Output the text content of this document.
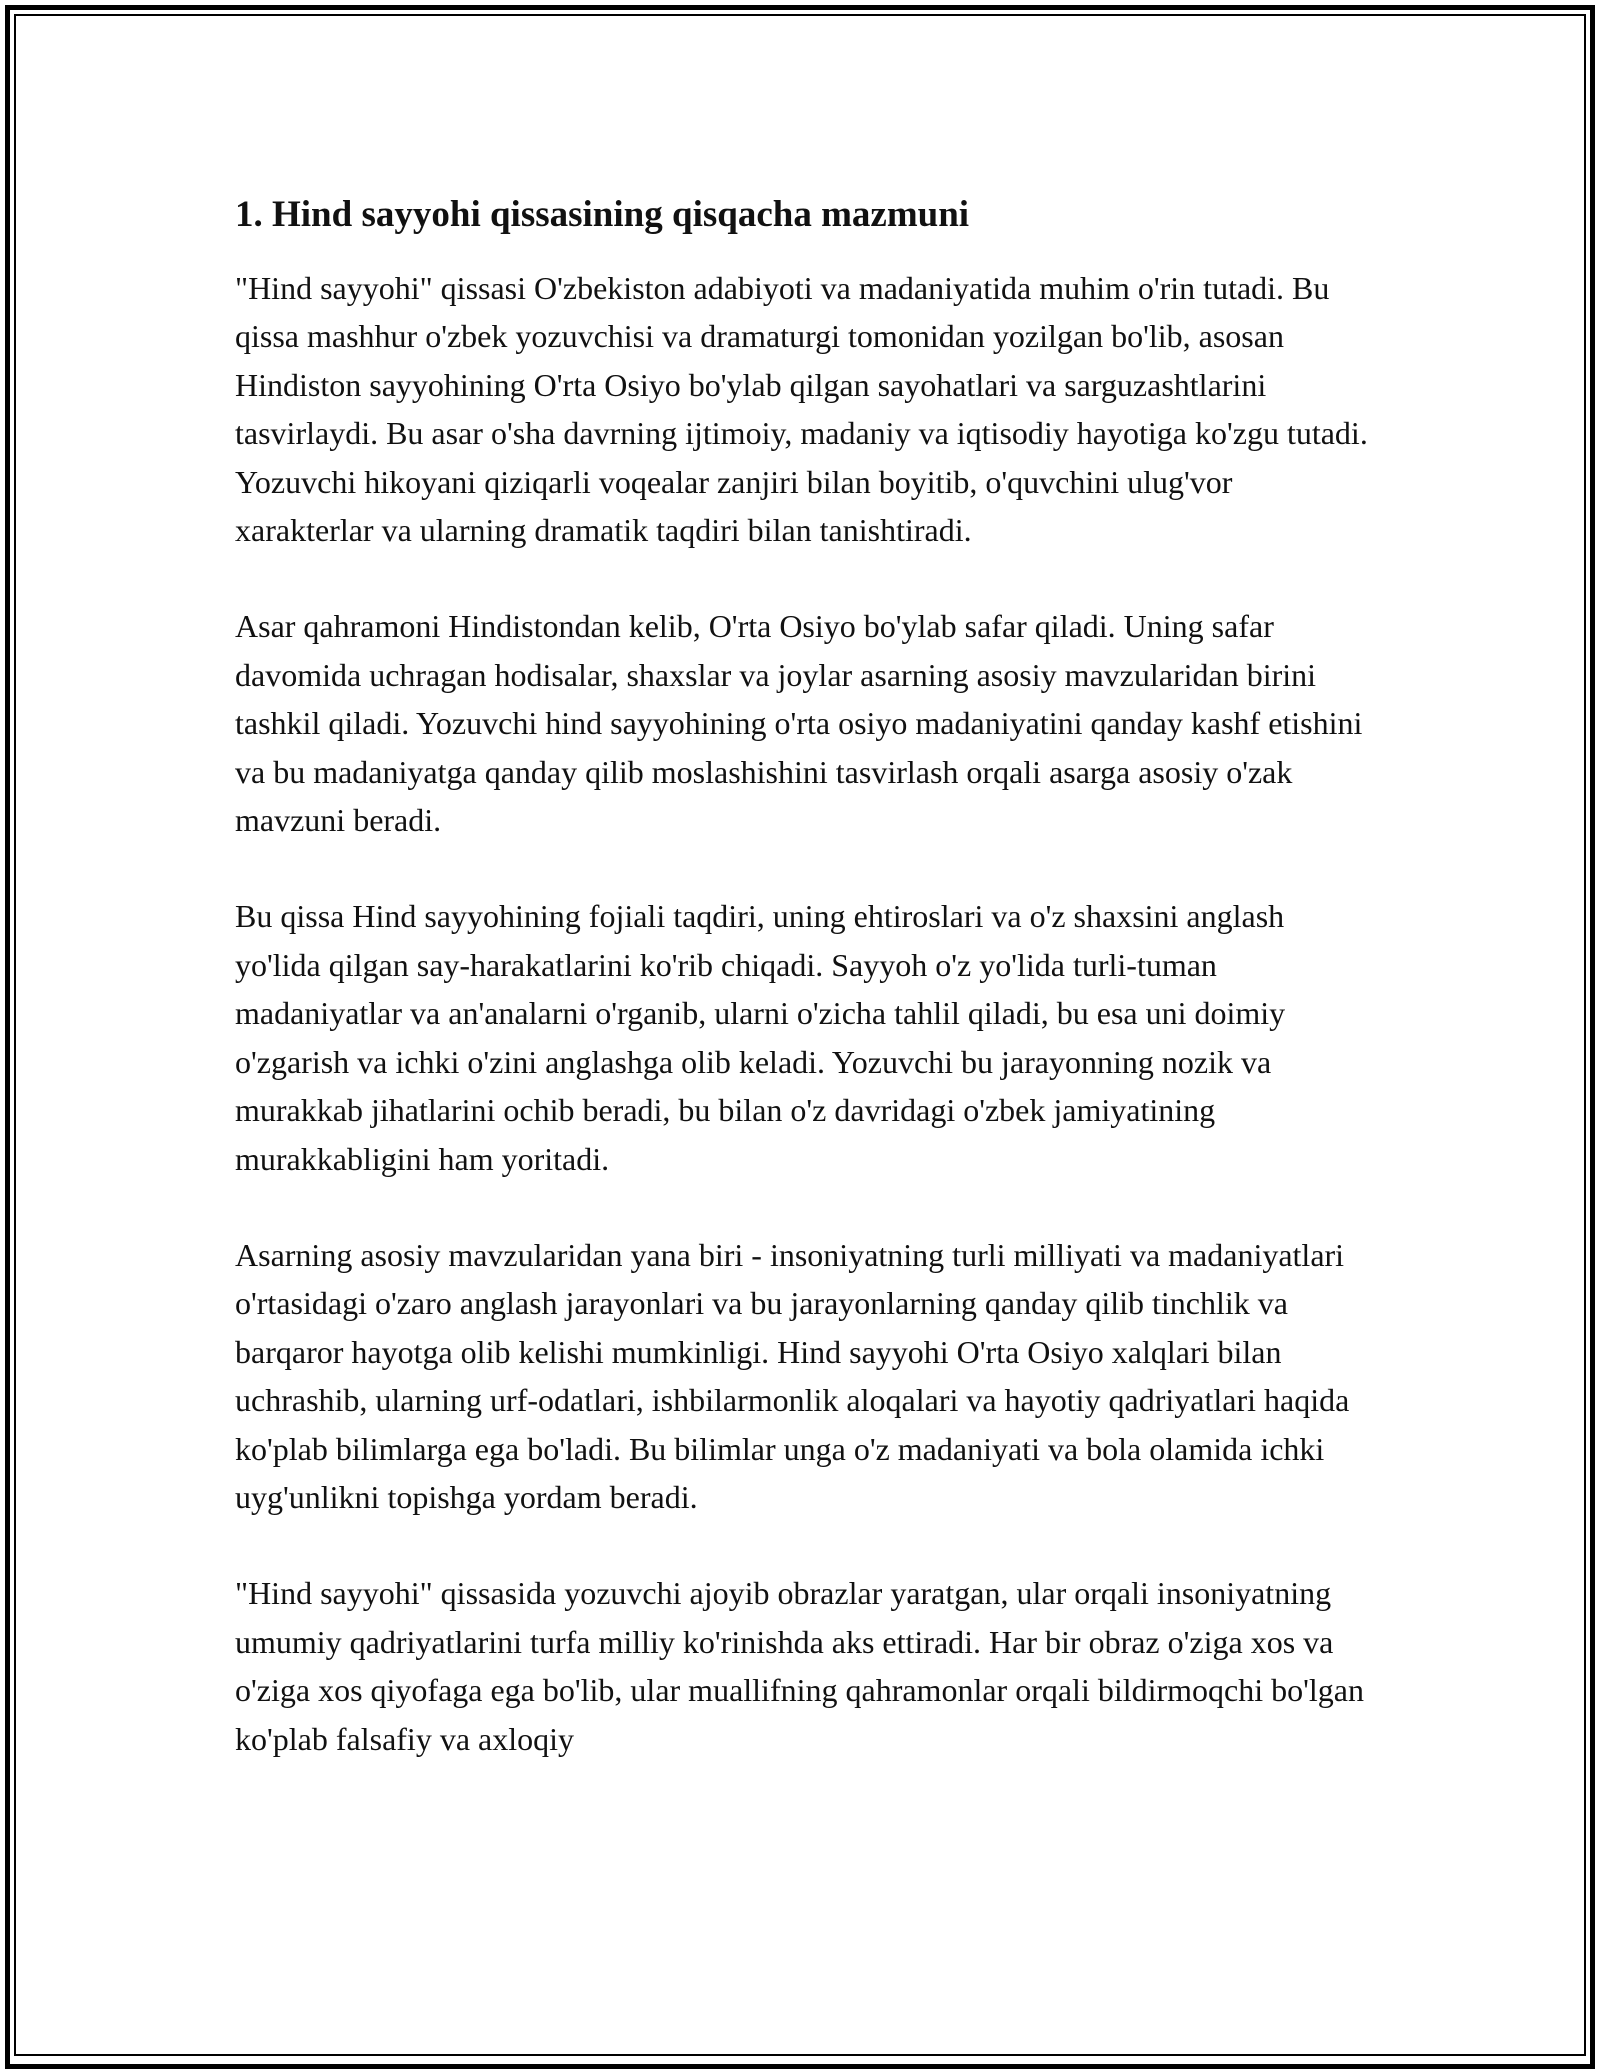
1. Hind sayyohi qissasining qisqacha mazmuni

"Hind sayyohi" qissasi O'zbekiston adabiyoti va madaniyatida muhim o'rin tutadi. Bu qissa mashhur o'zbek yozuvchisi va dramaturgi tomonidan yozilgan bo'lib, asosan Hindiston sayyohining O'rta Osiyo bo'ylab qilgan sayohatlari va sarguzashtlarini tasvirlaydi. Bu asar o'sha davrning ijtimoiy, madaniy va iqtisodiy hayotiga ko'zgu tutadi. Yozuvchi hikoyani qiziqarli voqealar zanjiri bilan boyitib, o'quvchini ulug'vor xarakterlar va ularning dramatik taqdiri bilan tanishtiradi.

Asar qahramoni Hindistondan kelib, O'rta Osiyo bo'ylab safar qiladi. Uning safar davomida uchragan hodisalar, shaxslar va joylar asarning asosiy mavzularidan birini tashkil qiladi. Yozuvchi hind sayyohining o'rta osiyo madaniyatini qanday kashf etishini va bu madaniyatga qanday qilib moslashishini tasvirlash orqali asarga asosiy o'zak mavzuni beradi.

Bu qissa Hind sayyohining fojiali taqdiri, uning ehtiroslari va o'z shaxsini anglash yo'lida qilgan say-harakatlarini ko'rib chiqadi. Sayyoh o'z yo'lida turli-tuman madaniyatlar va an'analarni o'rganib, ularni o'zicha tahlil qiladi, bu esa uni doimiy o'zgarish va ichki o'zini anglashga olib keladi. Yozuvchi bu jarayonning nozik va murakkab jihatlarini ochib beradi, bu bilan o'z davridagi o'zbek jamiyatining murakkabligini ham yoritadi.

Asarning asosiy mavzularidan yana biri - insoniyatning turli milliyati va madaniyatlari o'rtasidagi o'zaro anglash jarayonlari va bu jarayonlarning qanday qilib tinchlik va barqaror hayotga olib kelishi mumkinligi. Hind sayyohi O'rta Osiyo xalqlari bilan uchrashib, ularning urf-odatlari, ishbilarmonlik aloqalari va hayotiy qadriyatlari haqida ko'plab bilimlarga ega bo'ladi. Bu bilimlar unga o'z madaniyati va bola olamida ichki uyg'unlikni topishga yordam beradi.

"Hind sayyohi" qissasida yozuvchi ajoyib obrazlar yaratgan, ular orqali insoniyatning umumiy qadriyatlarini turfa milliy ko'rinishda aks ettiradi. Har bir obraz o'ziga xos va o'ziga xos qiyofaga ega bo'lib, ular muallifning qahramonlar orqali bildirmoqchi bo'lgan ko'plab falsafiy va axloqiy
